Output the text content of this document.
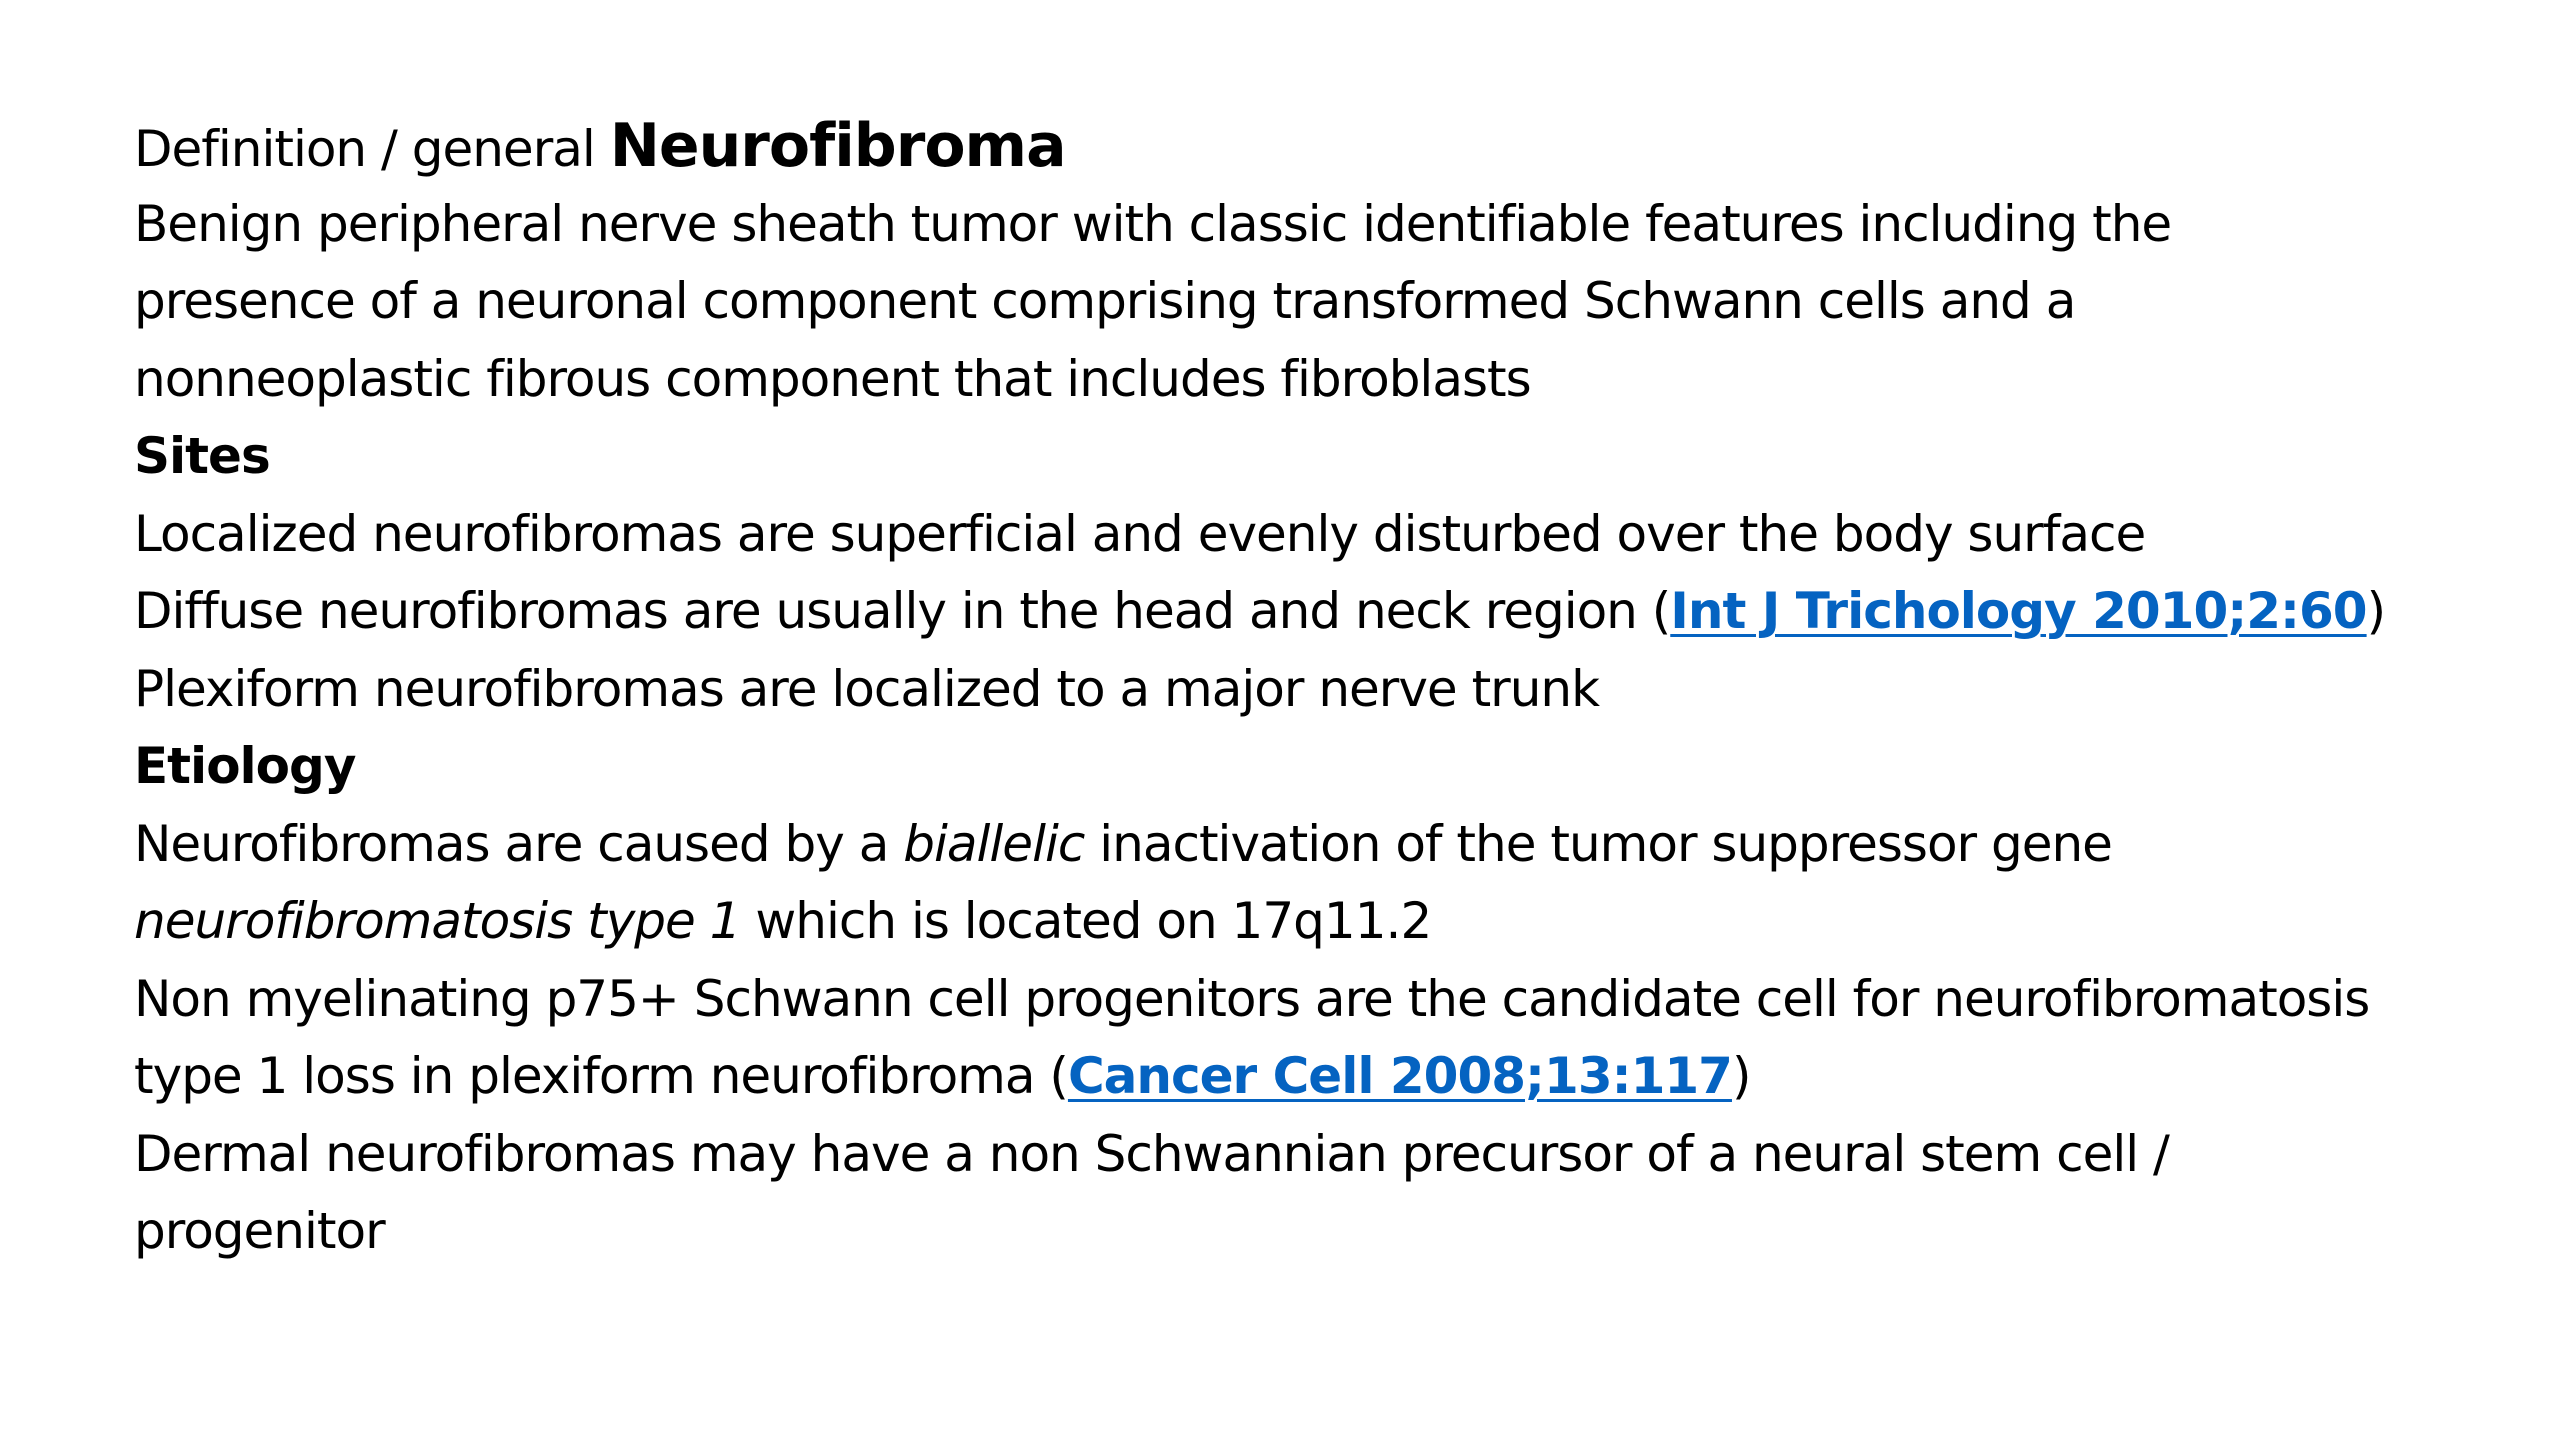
Definition / general Neurofibroma
Benign peripheral nerve sheath tumor with classic identifiable features including the
presence of a neuronal component comprising transformed Schwann cells and a
nonneoplastic fibrous component that includes fibroblasts
Sites
Localized neurofibromas are superficial and evenly disturbed over the body surface
Diffuse neurofibromas are usually in the head and neck region (Int J Trichology 2010;2:60)
Plexiform neurofibromas are localized to a major nerve trunk
Etiology
Neurofibromas are caused by a biallelic inactivation of the tumor suppressor gene
neurofibromatosis type 1 which is located on 17q11.2
Non myelinating p75+ Schwann cell progenitors are the candidate cell for neurofibromatosis
type 1 loss in plexiform neurofibroma (Cancer Cell 2008;13:117)
Dermal neurofibromas may have a non Schwannian precursor of a neural stem cell /
progenitor
